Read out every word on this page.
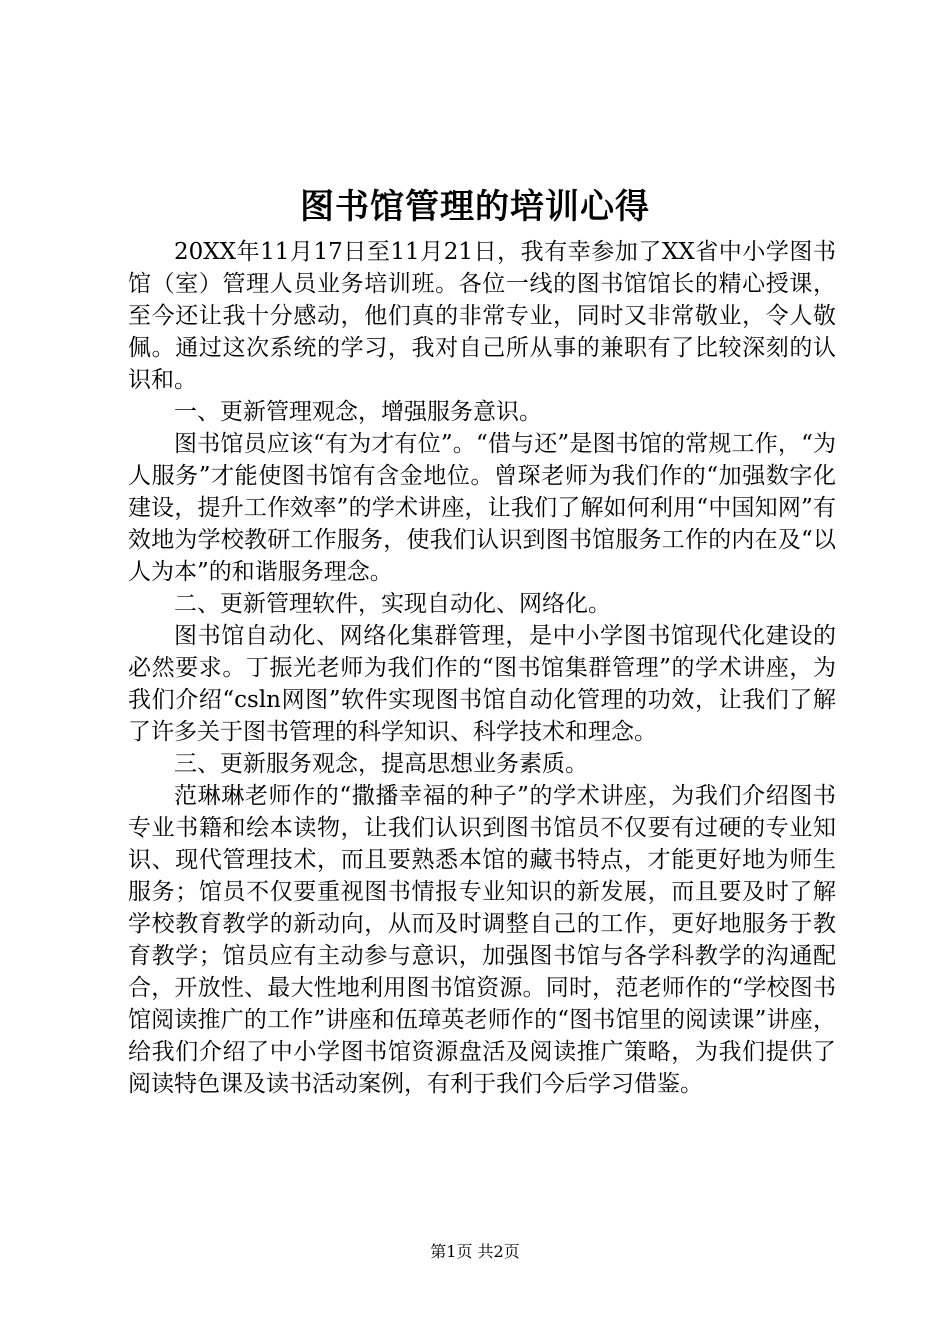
图书馆管理的培训心得

20XX年11月17日至11月21日，我有幸参加了XX省中小学图书馆（室）管理人员业务培训班。各位一线的图书馆馆长的精心授课，至今还让我十分感动，他们真的非常专业，同时又非常敬业，令人敬佩。通过这次系统的学习，我对自己所从事的兼职有了比较深刻的认识和。

一、更新管理观念，增强服务意识。

图书馆员应该“有为才有位”。“借与还”是图书馆的常规工作，“为人服务”才能使图书馆有含金地位。曾琛老师为我们作的“加强数字化建设，提升工作效率”的学术讲座，让我们了解如何利用“中国知网”有效地为学校教研工作服务，使我们认识到图书馆服务工作的内在及“以人为本”的和谐服务理念。

二、更新管理软件，实现自动化、网络化。

图书馆自动化、网络化集群管理，是中小学图书馆现代化建设的必然要求。丁振光老师为我们作的“图书馆集群管理”的学术讲座，为我们介绍“csln网图”软件实现图书馆自动化管理的功效，让我们了解了许多关于图书管理的科学知识、科学技术和理念。

三、更新服务观念，提高思想业务素质。

范琳琳老师作的“撒播幸福的种子”的学术讲座，为我们介绍图书专业书籍和绘本读物，让我们认识到图书馆员不仅要有过硬的专业知识、现代管理技术，而且要熟悉本馆的藏书特点，才能更好地为师生服务；馆员不仅要重视图书情报专业知识的新发展，而且要及时了解学校教育教学的新动向，从而及时调整自己的工作，更好地服务于教育教学；馆员应有主动参与意识，加强图书馆与各学科教学的沟通配合，开放性、最大性地利用图书馆资源。同时，范老师作的“学校图书馆阅读推广的工作”讲座和伍璋英老师作的“图书馆里的阅读课”讲座，给我们介绍了中小学图书馆资源盘活及阅读推广策略，为我们提供了阅读特色课及读书活动案例，有利于我们今后学习借鉴。

第1页 共2页
